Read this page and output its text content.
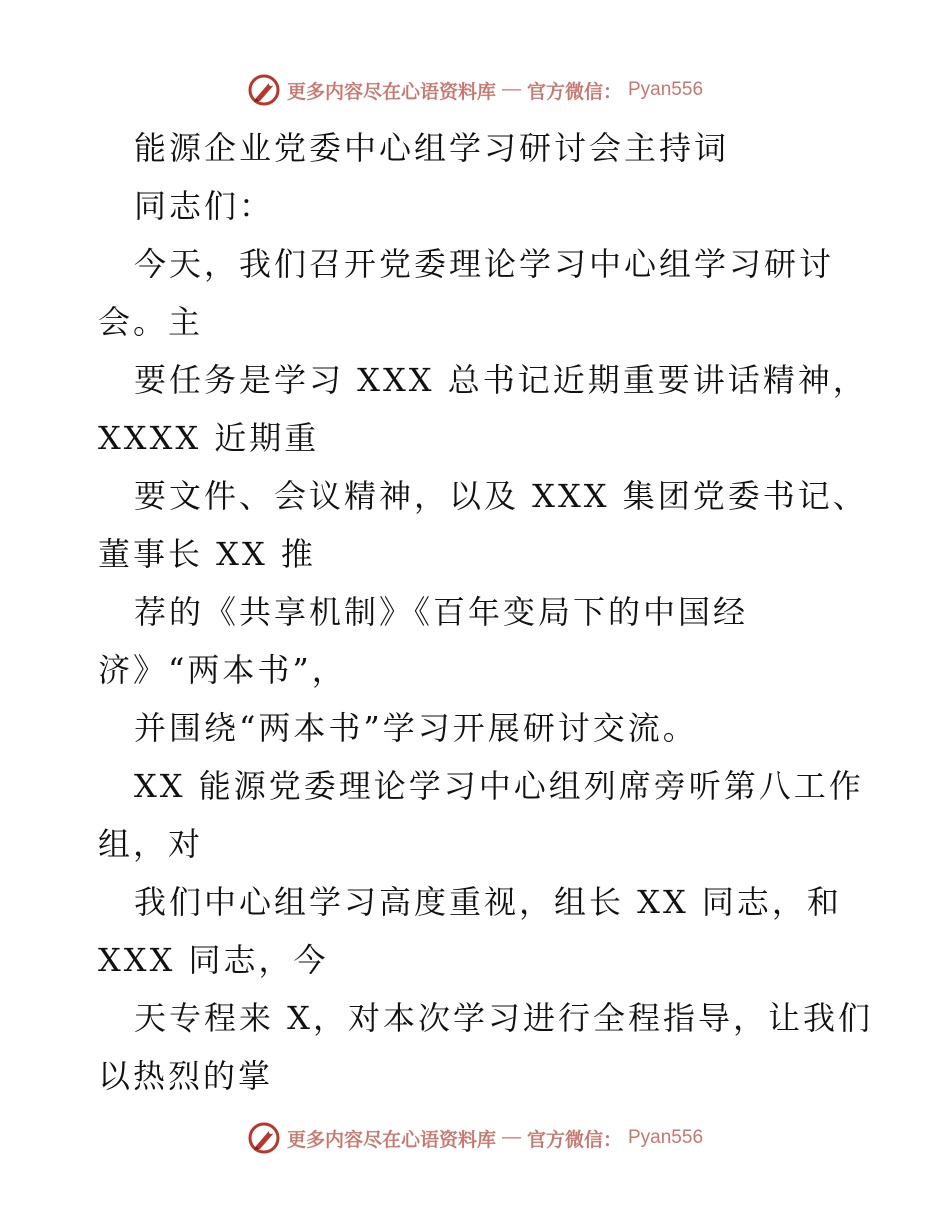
更多内容尽在心语资料库 — 官方微信： Pyan556
能源企业党委中心组学习研讨会主持词
同志们：
今天，我们召开党委理论学习中心组学习研讨
会。主
要任务是学习 XXX 总书记近期重要讲话精神，
XXXX 近期重
要文件、会议精神，以及 XXX 集团党委书记、
董事长 XX 推
荐的《共享机制》《百年变局下的中国经
济》“两本书”，
并围绕“两本书”学习开展研讨交流。
XX 能源党委理论学习中心组列席旁听第八工作
组，对
我们中心组学习高度重视，组长 XX 同志，和
XXX 同志，今
天专程来 X，对本次学习进行全程指导，让我们
以热烈的掌
更多内容尽在心语资料库 — 官方微信： Pyan556
